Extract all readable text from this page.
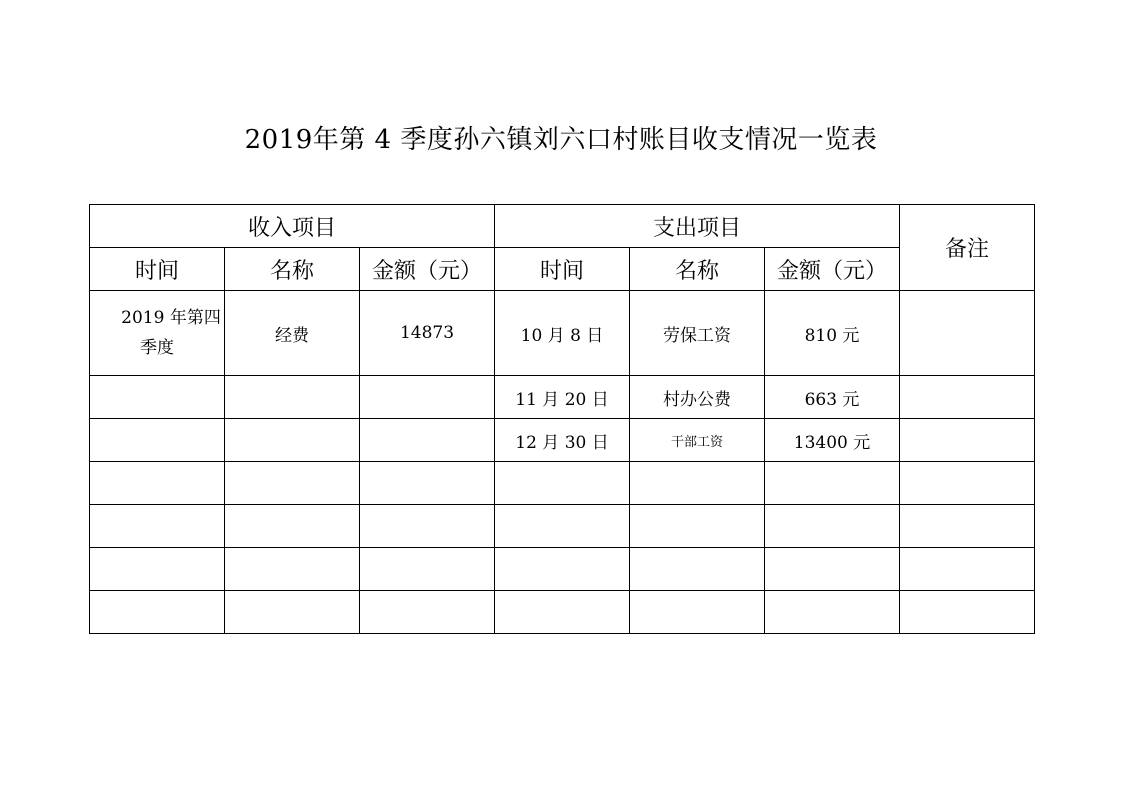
2019年第 4 季度孙六镇刘六口村账目收支情况一览表
收入项目			支出项目			备注
时间	名称	金额（元）	时间	名称	金额（元）	

2019 年第四季度	经费	14873	10 月 8 日	劳保工资	810 元	
			11 月 20 日	村办公费	663 元	
			12 月 30 日	干部工资	13400 元	
